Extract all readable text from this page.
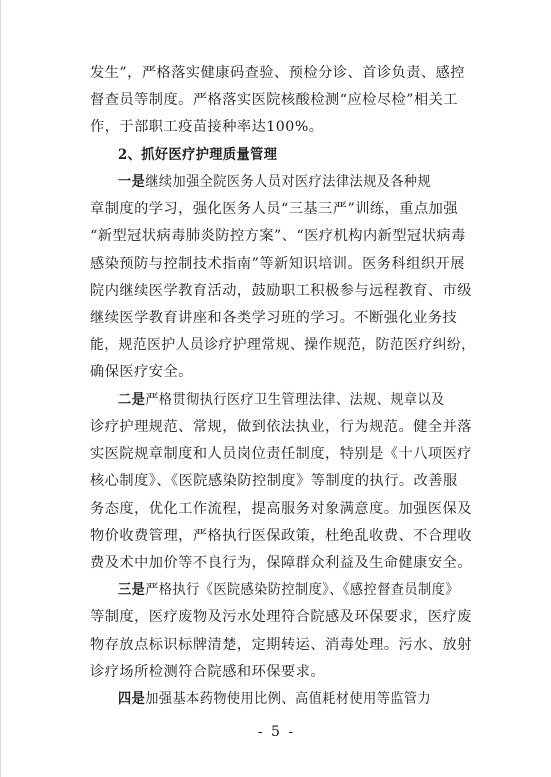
发生”，严格落实健康码查验、预检分诊、首诊负责、感控
督查员等制度。严格落实医院核酸检测“应检尽检”相关工
作，于部职工疫苗接种率达100%。
2、抓好医疗护理质量管理
一是继续加强全院医务人员对医疗法律法规及各种规
章制度的学习，强化医务人员“三基三严”训练，重点加强
“新型冠状病毒肺炎防控方案”、“医疗机构内新型冠状病毒
感染预防与控制技术指南”等新知识培训。医务科组织开展
院内继续医学教育活动，鼓励职工积极参与远程教育、市级
继续医学教育讲座和各类学习班的学习。不断强化业务技
能，规范医护人员诊疗护理常规、操作规范，防范医疗纠纷，
确保医疗安全。
二是严格贯彻执行医疗卫生管理法律、法规、规章以及
诊疗护理规范、常规，做到依法执业，行为规范。健全并落
实医院规章制度和人员岗位责任制度，特别是《十八项医疗
核心制度》、《医院感染防控制度》等制度的执行。改善服
务态度，优化工作流程，提高服务对象满意度。加强医保及
物价收费管理，严格执行医保政策，杜绝乱收费、不合理收
费及术中加价等不良行为，保障群众利益及生命健康安全。
三是严格执行《医院感染防控制度》、《感控督查员制度》
等制度，医疗废物及污水处理符合院感及环保要求，医疗废
物存放点标识标牌清楚，定期转运、消毒处理。污水、放射
诊疗场所检测符合院感和环保要求。
四是加强基本药物使用比例、高值耗材使用等监管力
- 5 -
